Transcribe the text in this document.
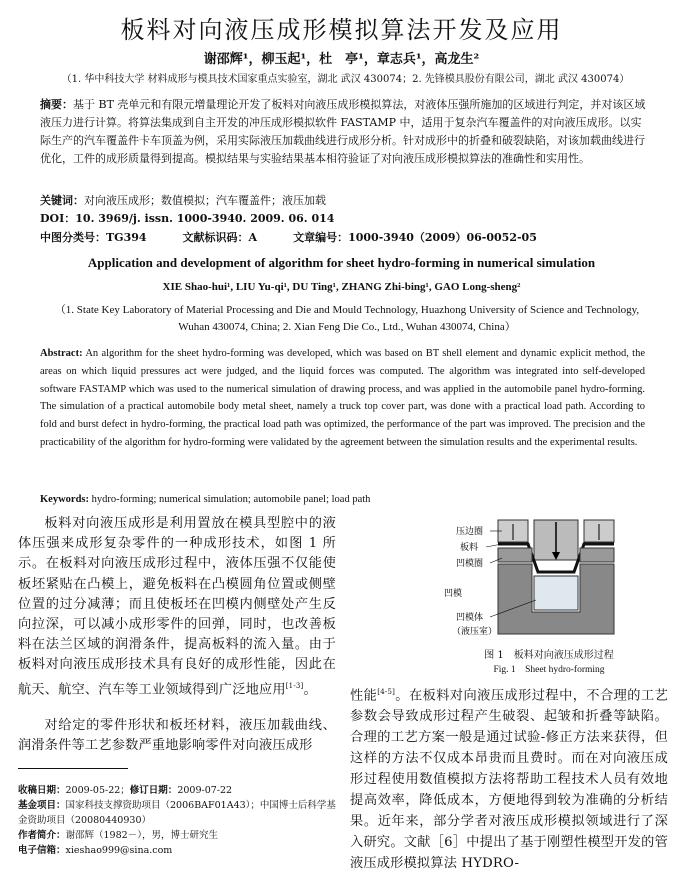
板料对向液压成形模拟算法开发及应用
谢邵辉¹，柳玉起¹，杜　亭¹，章志兵¹，高龙生²
（1. 华中科技大学 材料成形与模具技术国家重点实验室，湖北 武汉 430074；2. 先锋模具股份有限公司，湖北 武汉 430074）
摘要：基于 BT 壳单元和有限元增量理论开发了板料对向液压成形模拟算法，对液体压强所施加的区域进行判定，并对该区域液压力进行计算。将算法集成到自主开发的冲压成形模拟软件 FASTAMP 中，适用于复杂汽车覆盖件的对向液压成形。以实际生产的汽车覆盖件卡车顶盖为例，采用实际液压加载曲线进行成形分析。针对成形中的折叠和破裂缺陷，对该加载曲线进行优化，工件的成形质量得到提高。模拟结果与实验结果基本相符验证了对向液压成形模拟算法的准确性和实用性。
关键词：对向液压成形；数值模拟；汽车覆盖件；液压加载
DOI：10. 3969/j. issn. 1000-3940. 2009. 06. 014
中图分类号：TG394	文献标识码：A	文章编号：1000-3940（2009）06-0052-05
Application and development of algorithm for sheet hydro-forming in numerical simulation
XIE Shao-hui¹, LIU Yu-qi¹, DU Ting¹, ZHANG Zhi-bing¹, GAO Long-sheng²
（1. State Key Laboratory of Material Processing and Die and Mould Technology, Huazhong University of Science and Technology, Wuhan 430074, China; 2. Xian Feng Die Co., Ltd., Wuhan 430074, China）
Abstract: An algorithm for the sheet hydro-forming was developed, which was based on BT shell element and dynamic explicit method, the areas on which liquid pressures act were judged, and the liquid forces was computed. The algorithm was integrated into self-developed software FASTAMP which was used to the numerical simulation of drawing process, and was applied in the automobile panel hydro-forming. The simulation of a practical automobile body metal sheet, namely a truck top cover part, was done with a practical load path. According to fold and burst defect in hydro-forming, the practical load path was optimized, the performance of the part was improved. The precision and the practicability of the algorithm for hydro-forming were validated by the agreement between the simulation results and the experimental results.
Keywords: hydro-forming; numerical simulation; automobile panel; load path

板料对向液压成形是利用置放在模具型腔中的液体压强来成形复杂零件的一种成形技术，如图 1 所示。在板料对向液压成形过程中，液体压强不仅能使板坯紧贴在凸模上，避免板料在凸模圆角位置或侧壁位置的过分减薄；而且使板坯在凹模内侧壁处产生反向拉深，可以减小成形零件的回弹，同时，也改善板料在法兰区域的润滑条件，提高板料的流入量。由于板料对向液压成形技术具有良好的成形性能，因此在航天、航空、汽车等工业领域得到广泛地应用[1-3]。

对给定的零件形状和板坯材料，液压加载曲线、润滑条件等工艺参数严重地影响零件对向液压成形

收稿日期：2009-05-22；修订日期：2009-07-22
基金项目：国家科技支撑资助项目（2006BAF01A43）；中国博士后科学基金资助项目（20080440930）
作者简介：谢邵辉（1982－），男，博士研究生
电子信箱：xieshao999@sina.com
压边圈
板料
凹模圈
凹模
凹模体
（液压室）
图 1　板料对向液压成形过程
Fig. 1　Sheet hydro-forming

性能[4-5]。在板料对向液压成形过程中，不合理的工艺参数会导致成形过程产生破裂、起皱和折叠等缺陷。合理的工艺方案一般是通过试验-修正方法来获得，但这样的方法不仅成本昂贵而且费时。而在对向液压成形过程使用数值模拟方法将帮助工程技术人员有效地提高效率，降低成本，方便地得到较为准确的分析结果。近年来，部分学者对液压成形模拟领域进行了深入研究。文献［6］中提出了基于刚塑性模型开发的管液压成形模拟算法 HYDRO-
